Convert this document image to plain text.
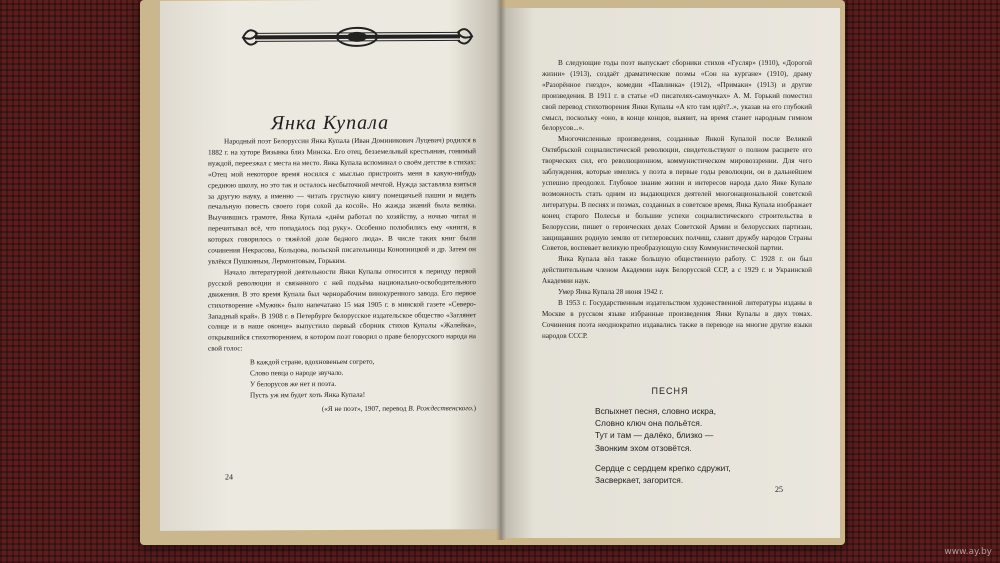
Янка Купала

Народный поэт Белоруссии Янка Купала (Иван Доминикович Луцевич) родился в 1882 г. на хуторе Вязынка близ Минска. Его отец, безземельный крестьянин, гонимый нуждой, переезжал с места на место. Янка Купала вспоминал о своём детстве в стихах: «Отец мой некоторое время носился с мыслью пристроить меня в какую-нибудь среднюю школу, но это так и осталось несбыточной мечтой. Нужда заставляла взяться за другую науку, а именно — читать грустную книгу помещичьей пашни и видеть печальную повесть своего горя сохой да косой». Но жажда знаний была велика. Выучившись грамоте, Янка Купала «днём работал по хозяйству, а ночью читал и перечитывал всё, что попадалось под руку». Особенно полюбились ему «книги, в которых говорилось о тяжёлой доле бедного люда». В числе таких книг были сочинения Некрасова, Кольцова, польской писательницы Конопницкой и др. Затем он увлёкся Пушкиным, Лермонтовым, Горьким.

Начало литературной деятельности Янки Купалы относится к периоду первой русской революции и связанного с ней подъёма национально-освободительного движения. В это время Купала был чернорабочим винокуренного завода. Его первое стихотворение «Мужик» было напечатано 15 мая 1905 г. в минской газете «Северо-Западный край». В 1908 г. в Петербурге белорусское издательское общество «Заглянет солнце и в наше оконце» выпустило первый сборник стихов Купалы «Жалейка», открывшийся стихотворением, в котором поэт говорил о праве белорусского народа на свой голос:

В каждой стране, вдохновеньем согрето,
Слово певца о народе звучало.
У белорусов же нет и поэта.
Пусть уж им будет хоть Янка Купала!
(«Я не поэт», 1907, перевод В. Рождественского.)
24

В следующие годы поэт выпускает сборники стихов «Гусляр» (1910), «Дорогой жизни» (1913), создаёт драматические поэмы «Сон на кургане» (1910), драму «Разорённое гнездо», комедии «Павлинка» (1912), «Примаки» (1913) и другие произведения. В 1911 г. в статье «О писателях-самоучках» А. М. Горький поместил свой перевод стихотворения Янки Купалы «А кто там идёт?..», указав на его глубокий смысл, поскольку «оно, в конце концов, выявит, на время станет народным гимном белорусов...».

Многочисленные произведения, созданные Янкой Купалой после Великой Октябрьской социалистической революции, свидетельствуют о полном расцвете его творческих сил, его революционном, коммунистическом мировоззрении. Для чего заблуждения, которые имелись у поэта в первые годы революции, он в дальнейшем успешно преодолел. Глубокое знание жизни и интересов народа дало Янке Купале возможность стать одним из выдающихся деятелей многонациональной советской литературы. В песнях и поэмах, созданных в советское время, Янка Купала изображает конец старого Полесья и большие успехи социалистического строительства в Белоруссии, пишет о героических делах Советской Армии и белорусских партизан, защищавших родную землю от гитлеровских полчищ, славит дружбу народов Страны Советов, воспевает великую преобразующую силу Коммунистической партии.

Янка Купала вёл также большую общественную работу. С 1928 г. он был действительным членом Академии наук Белорусской ССР, а с 1929 г. и Украинской Академии наук.

Умер Янка Купала 28 июня 1942 г.

В 1953 г. Государственным издательством художественной литературы изданы в Москве в русском языке избранные произведения Янки Купалы в двух томах. Сочинения поэта неоднократно издавались также в переводе на многие другие языки народов СССР.

ПЕСНЯ
Вспыхнет песня, словно искра,
Словно ключ она польётся.
Тут и там — далёко, близко —
Звонким эхом отзовётся.
Сердце с сердцем крепко сдружит,
Засверкает, загорится.
25
www.ay.by
